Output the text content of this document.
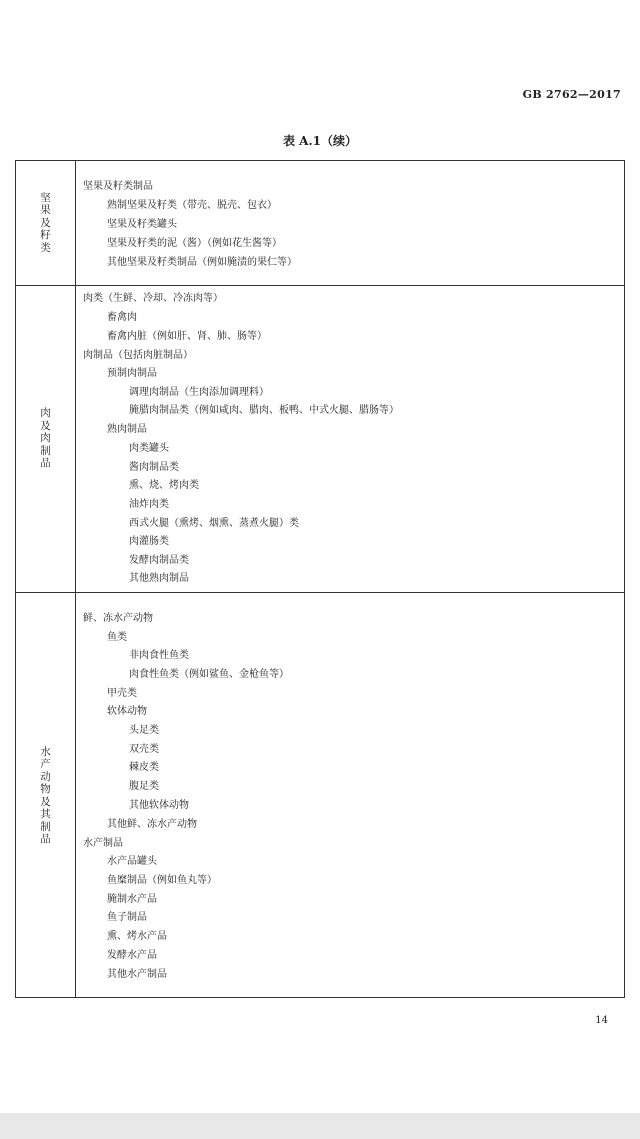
GB 2762—2017
表 A.1（续）
坚果及籽类
肉及肉制品
水产动物及其制品
坚果及籽类制品
熟制坚果及籽类（带壳、脱壳、包衣）
坚果及籽类罐头
坚果及籽类的泥（酱）（例如花生酱等）
其他坚果及籽类制品（例如腌渍的果仁等）
肉类（生鲜、冷却、冷冻肉等）
畜禽肉
畜禽内脏（例如肝、肾、肺、肠等）
肉制品（包括肉脏制品）
预制肉制品
调理肉制品（生肉添加调理料）
腌腊肉制品类（例如咸肉、腊肉、板鸭、中式火腿、腊肠等）
熟肉制品
肉类罐头
酱肉制品类
熏、烧、烤肉类
油炸肉类
西式火腿（熏烤、烟熏、蒸煮火腿）类
肉灌肠类
发酵肉制品类
其他熟肉制品
鲜、冻水产动物
鱼类
非肉食性鱼类
肉食性鱼类（例如鲨鱼、金枪鱼等）
甲壳类
软体动物
头足类
双壳类
棘皮类
腹足类
其他软体动物
其他鲜、冻水产动物
水产制品
水产品罐头
鱼糜制品（例如鱼丸等）
腌制水产品
鱼子制品
熏、烤水产品
发酵水产品
其他水产制品
14
